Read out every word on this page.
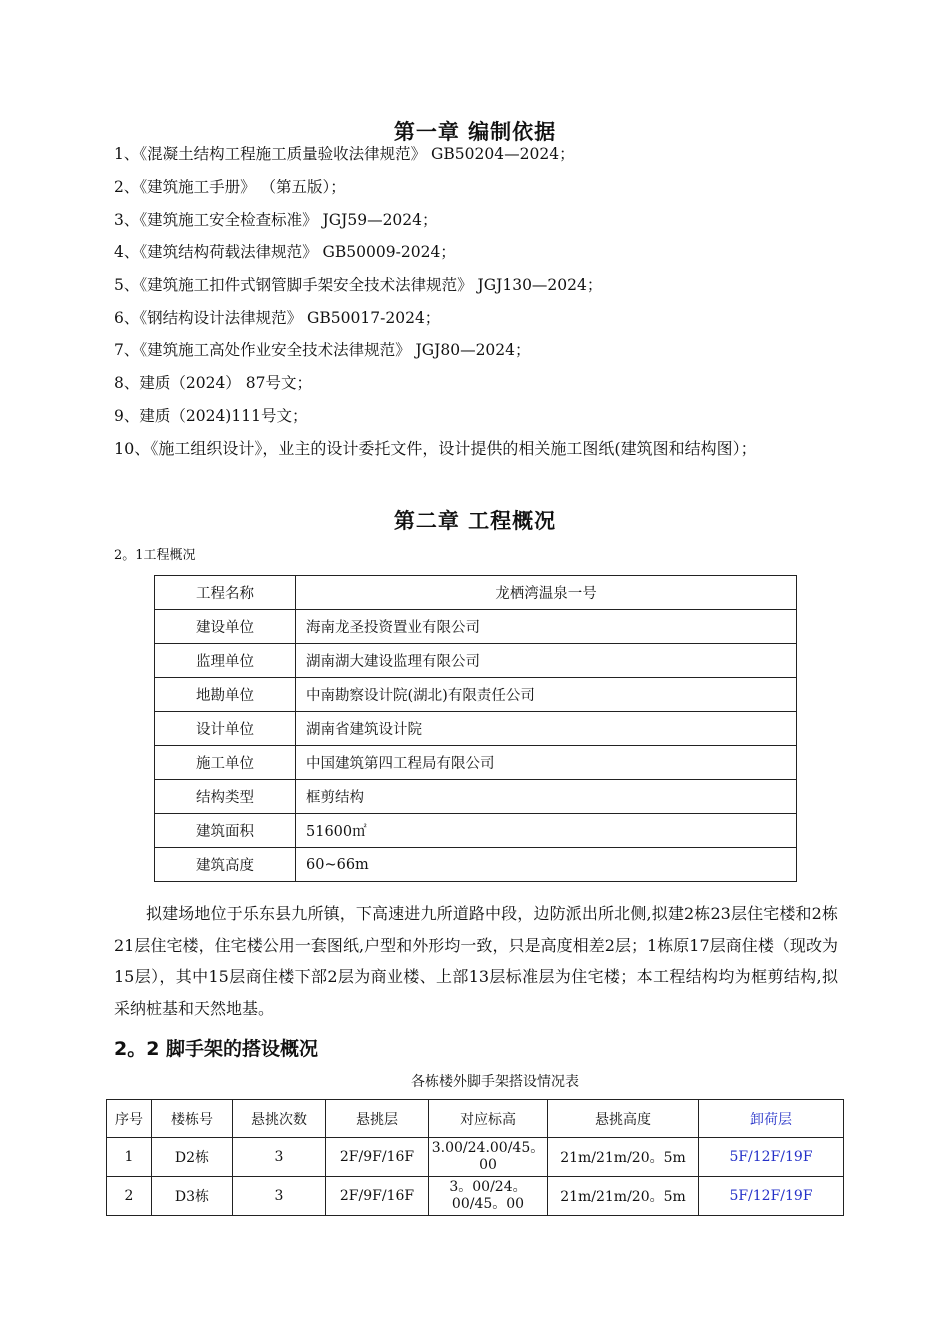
第一章 编制依据
1、《混凝土结构工程施工质量验收法律规范》 GB50204—2024；
2、《建筑施工手册》 （第五版）；
3、《建筑施工安全检查标准》 JGJ59—2024；
4、《建筑结构荷载法律规范》 GB50009-2024；
5、《建筑施工扣件式钢管脚手架安全技术法律规范》 JGJ130—2024；
6、《钢结构设计法律规范》 GB50017-2024；
7、《建筑施工高处作业安全技术法律规范》 JGJ80—2024；
8、建质（2024） 87号文；
9、建质（2024)111号文；
10、《施工组织设计》，业主的设计委托文件，设计提供的相关施工图纸(建筑图和结构图）；
第二章 工程概况
2。1工程概况
工程名称	龙栖湾温泉一号
建设单位	海南龙圣投资置业有限公司
监理单位	湖南湖大建设监理有限公司
地勘单位	中南勘察设计院(湖北)有限责任公司
设计单位	湖南省建筑设计院
施工单位	中国建筑第四工程局有限公司
结构类型	框剪结构
建筑面积	51600㎡
建筑高度	60~66m
拟建场地位于乐东县九所镇，下高速进九所道路中段，边防派出所北侧,拟建2栋23层住宅楼和2栋21层住宅楼，住宅楼公用一套图纸,户型和外形均一致，只是高度相差2层；1栋原17层商住楼（现改为15层），其中15层商住楼下部2层为商业楼、上部13层标准层为住宅楼；本工程结构均为框剪结构,拟采纳桩基和天然地基。
2。2 脚手架的搭设概况
各栋楼外脚手架搭设情况表
序号	楼栋号	悬挑次数	悬挑层	对应标高	悬挑高度	卸荷层
1	D2栋	3	2F/9F/16F	3.00/24.00/45。00	21m/21m/20。5m	5F/12F/19F
2	D3栋	3	2F/9F/16F	3。00/24。00/45。00	21m/21m/20。5m	5F/12F/19F
